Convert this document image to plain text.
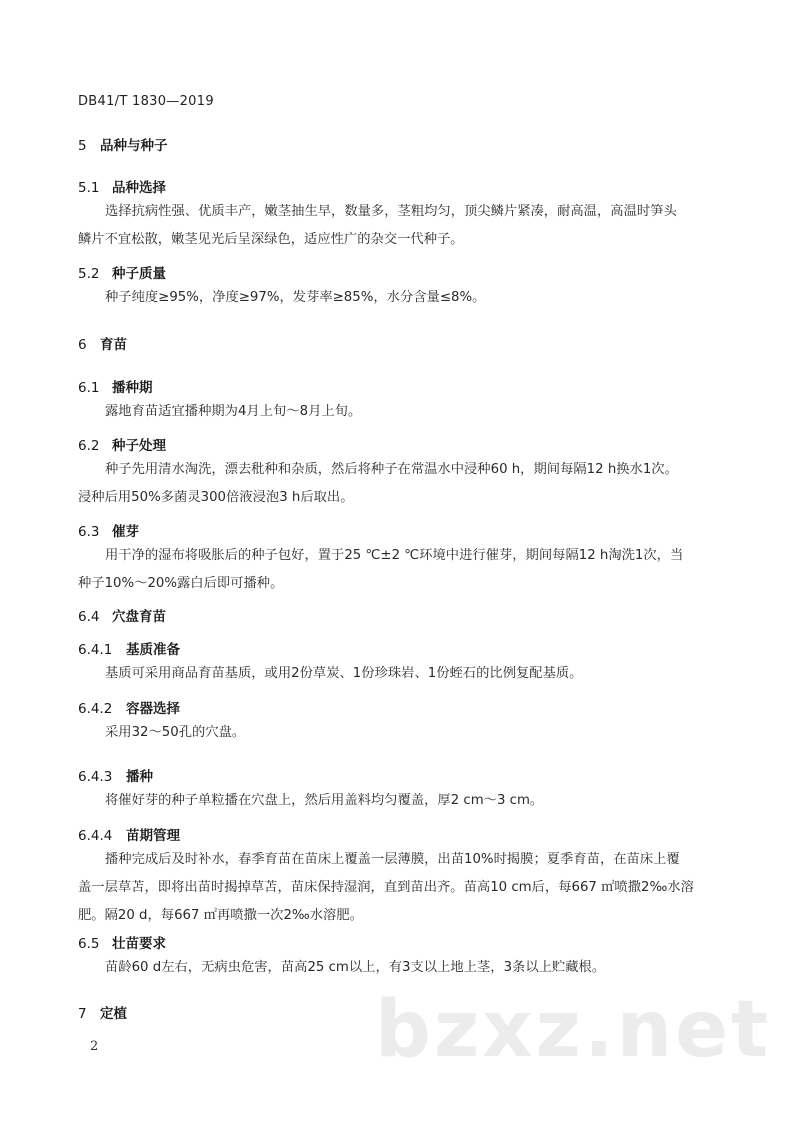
DB41/T 1830—2019
5 品种与种子
5.1 品种选择
选择抗病性强、优质丰产，嫩茎抽生早，数量多，茎粗均匀，顶尖鳞片紧凑，耐高温，高温时笋头
鳞片不宜松散，嫩茎见光后呈深绿色，适应性广的杂交一代种子。
5.2 种子质量
种子纯度≥95%，净度≥97%，发芽率≥85%，水分含量≤8%。
6 育苗
6.1 播种期
露地育苗适宜播种期为4月上旬～8月上旬。
6.2 种子处理
种子先用清水淘洗，漂去秕种和杂质，然后将种子在常温水中浸种60 h，期间每隔12 h换水1次。
浸种后用50%多菌灵300倍液浸泡3 h后取出。
6.3 催芽
用干净的湿布将吸胀后的种子包好，置于25 ℃±2 ℃环境中进行催芽，期间每隔12 h淘洗1次，当
种子10%～20%露白后即可播种。
6.4 穴盘育苗
6.4.1 基质准备
基质可采用商品育苗基质，或用2份草炭、1份珍珠岩、1份蛭石的比例复配基质。
6.4.2 容器选择
采用32～50孔的穴盘。
6.4.3 播种
将催好芽的种子单粒播在穴盘上，然后用盖料均匀覆盖，厚2 cm～3 cm。
6.4.4 苗期管理
播种完成后及时补水，春季育苗在苗床上覆盖一层薄膜，出苗10%时揭膜；夏季育苗，在苗床上覆
盖一层草苫，即将出苗时揭掉草苫，苗床保持湿润，直到苗出齐。苗高10 cm后，每667 ㎡喷撒2‰水溶
肥。隔20 d，每667 ㎡再喷撒一次2‰水溶肥。
6.5 壮苗要求
苗龄60 d左右，无病虫危害，苗高25 cm以上，有3支以上地上茎，3条以上贮藏根。
7 定植	bzxz.net
2
